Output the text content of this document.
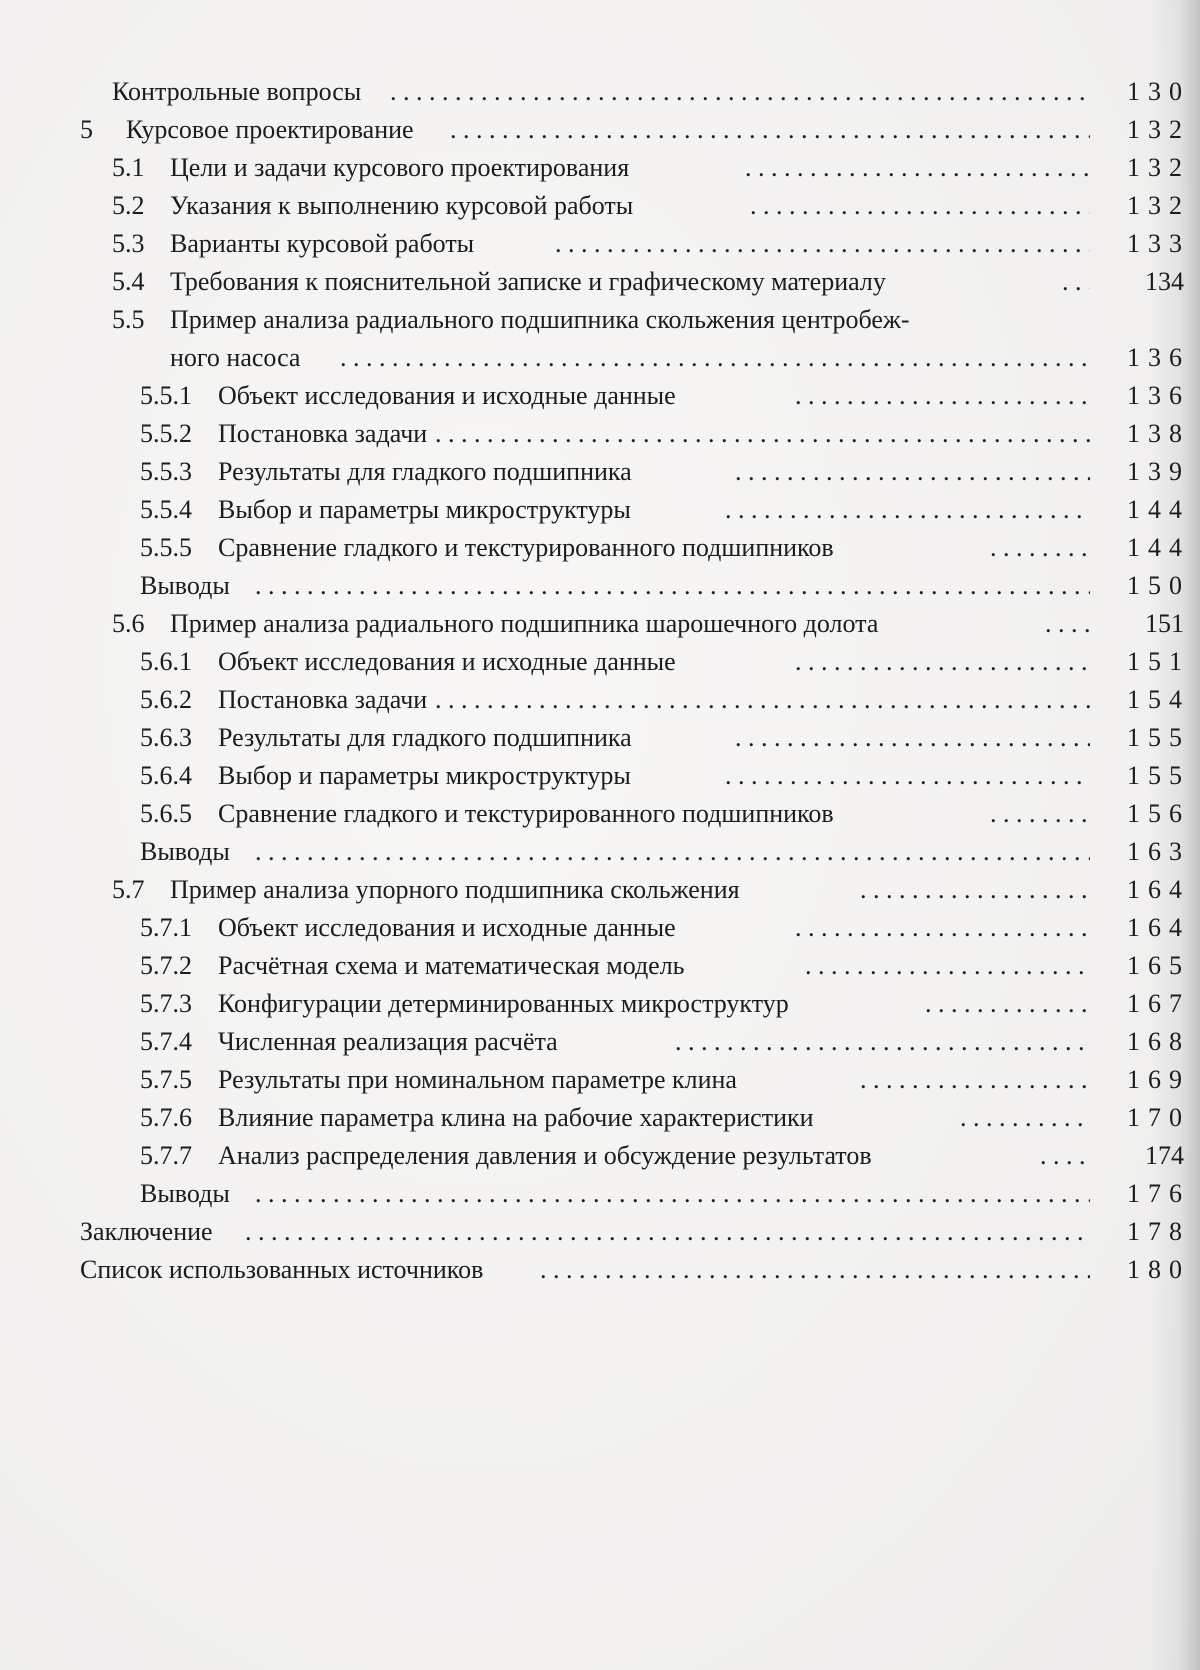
Контрольные вопросы . . .	130
5 Курсовое проектирование . . .	132
5.1 Цели и задачи курсового проектирования . . .	132
5.2 Указания к выполнению курсовой работы . . .	132
5.3 Варианты курсовой работы . . .	133
5.4 Требования к пояснительной записке и графическому материалу . . .	134
5.5 Пример анализа радиального подшипника скольжения центробеж-
ного насоса . . .	136
5.5.1 Объект исследования и исходные данные . . .	136
5.5.2 Постановка задачи . . .	138
5.5.3 Результаты для гладкого подшипника . . .	139
5.5.4 Выбор и параметры микроструктуры . . .	144
5.5.5 Сравнение гладкого и текстурированного подшипников . . .	144
Выводы . . .	150
5.6 Пример анализа радиального подшипника шарошечного долота . . .	151
5.6.1 Объект исследования и исходные данные . . .	151
5.6.2 Постановка задачи . . .	154
5.6.3 Результаты для гладкого подшипника . . .	155
5.6.4 Выбор и параметры микроструктуры . . .	155
5.6.5 Сравнение гладкого и текстурированного подшипников . . .	156
Выводы . . .	163
5.7 Пример анализа упорного подшипника скольжения . . .	164
5.7.1 Объект исследования и исходные данные . . .	164
5.7.2 Расчётная схема и математическая модель . . .	165
5.7.3 Конфигурации детерминированных микроструктур . . .	167
5.7.4 Численная реализация расчёта . . .	168
5.7.5 Результаты при номинальном параметре клина . . .	169
5.7.6 Влияние параметра клина на рабочие характеристики . . .	170
5.7.7 Анализ распределения давления и обсуждение результатов . . .	174
Выводы . . .	176
Заключение . . .	178
Список использованных источников . . .	180
